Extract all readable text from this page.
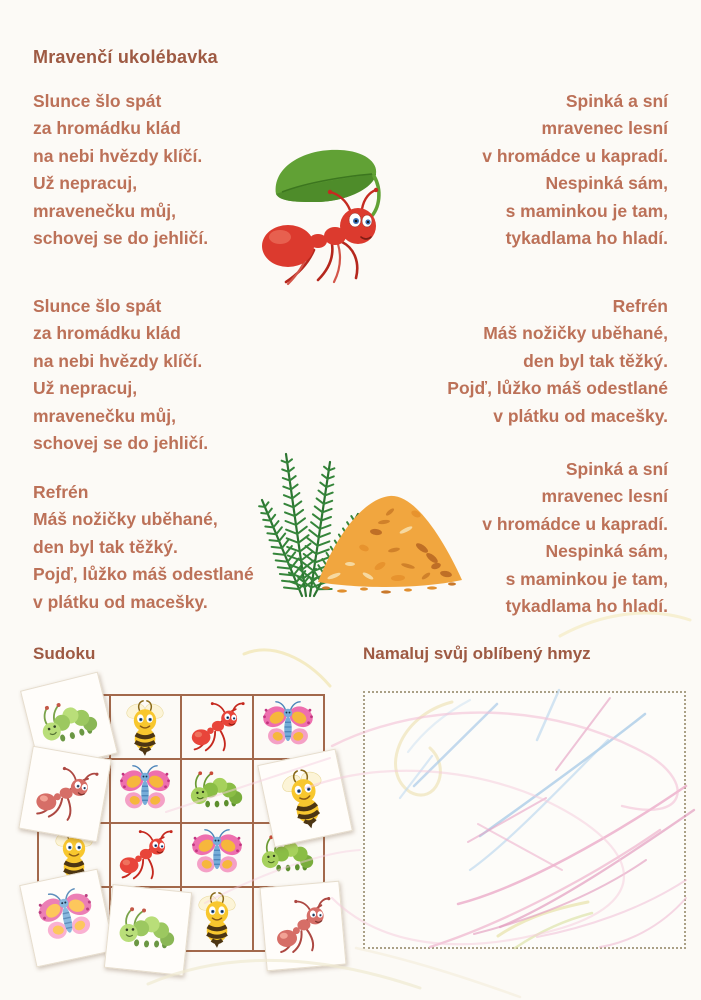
Mravenčí ukolébavka

Slunce šlo spát

za hromádku klád

na nebi hvězdy klíčí.

Už nepracuj,

mravenečku můj,

schovej se do jehličí.

Slunce šlo spát

za hromádku klád

na nebi hvězdy klíčí.

Už nepracuj,

mravenečku můj,

schovej se do jehličí.

Refrén

Máš nožičky uběhané,

den byl tak těžký.

Pojď, lůžko máš odestlané

v plátku od macešky.

Spinká a sní

mravenec lesní

v hromádce u kapradí.

Nespinká sám,

s maminkou je tam,

tykadlama ho hladí.

Refrén

Máš nožičky uběhané,

den byl tak těžký.

Pojď, lůžko máš odestlané

v plátku od macešky.

Spinká a sní

mravenec lesní

v hromádce u kapradí.

Nespinká sám,

s maminkou je tam,

tykadlama ho hladí.

Sudoku	Namaluj svůj oblíbený hmyz
